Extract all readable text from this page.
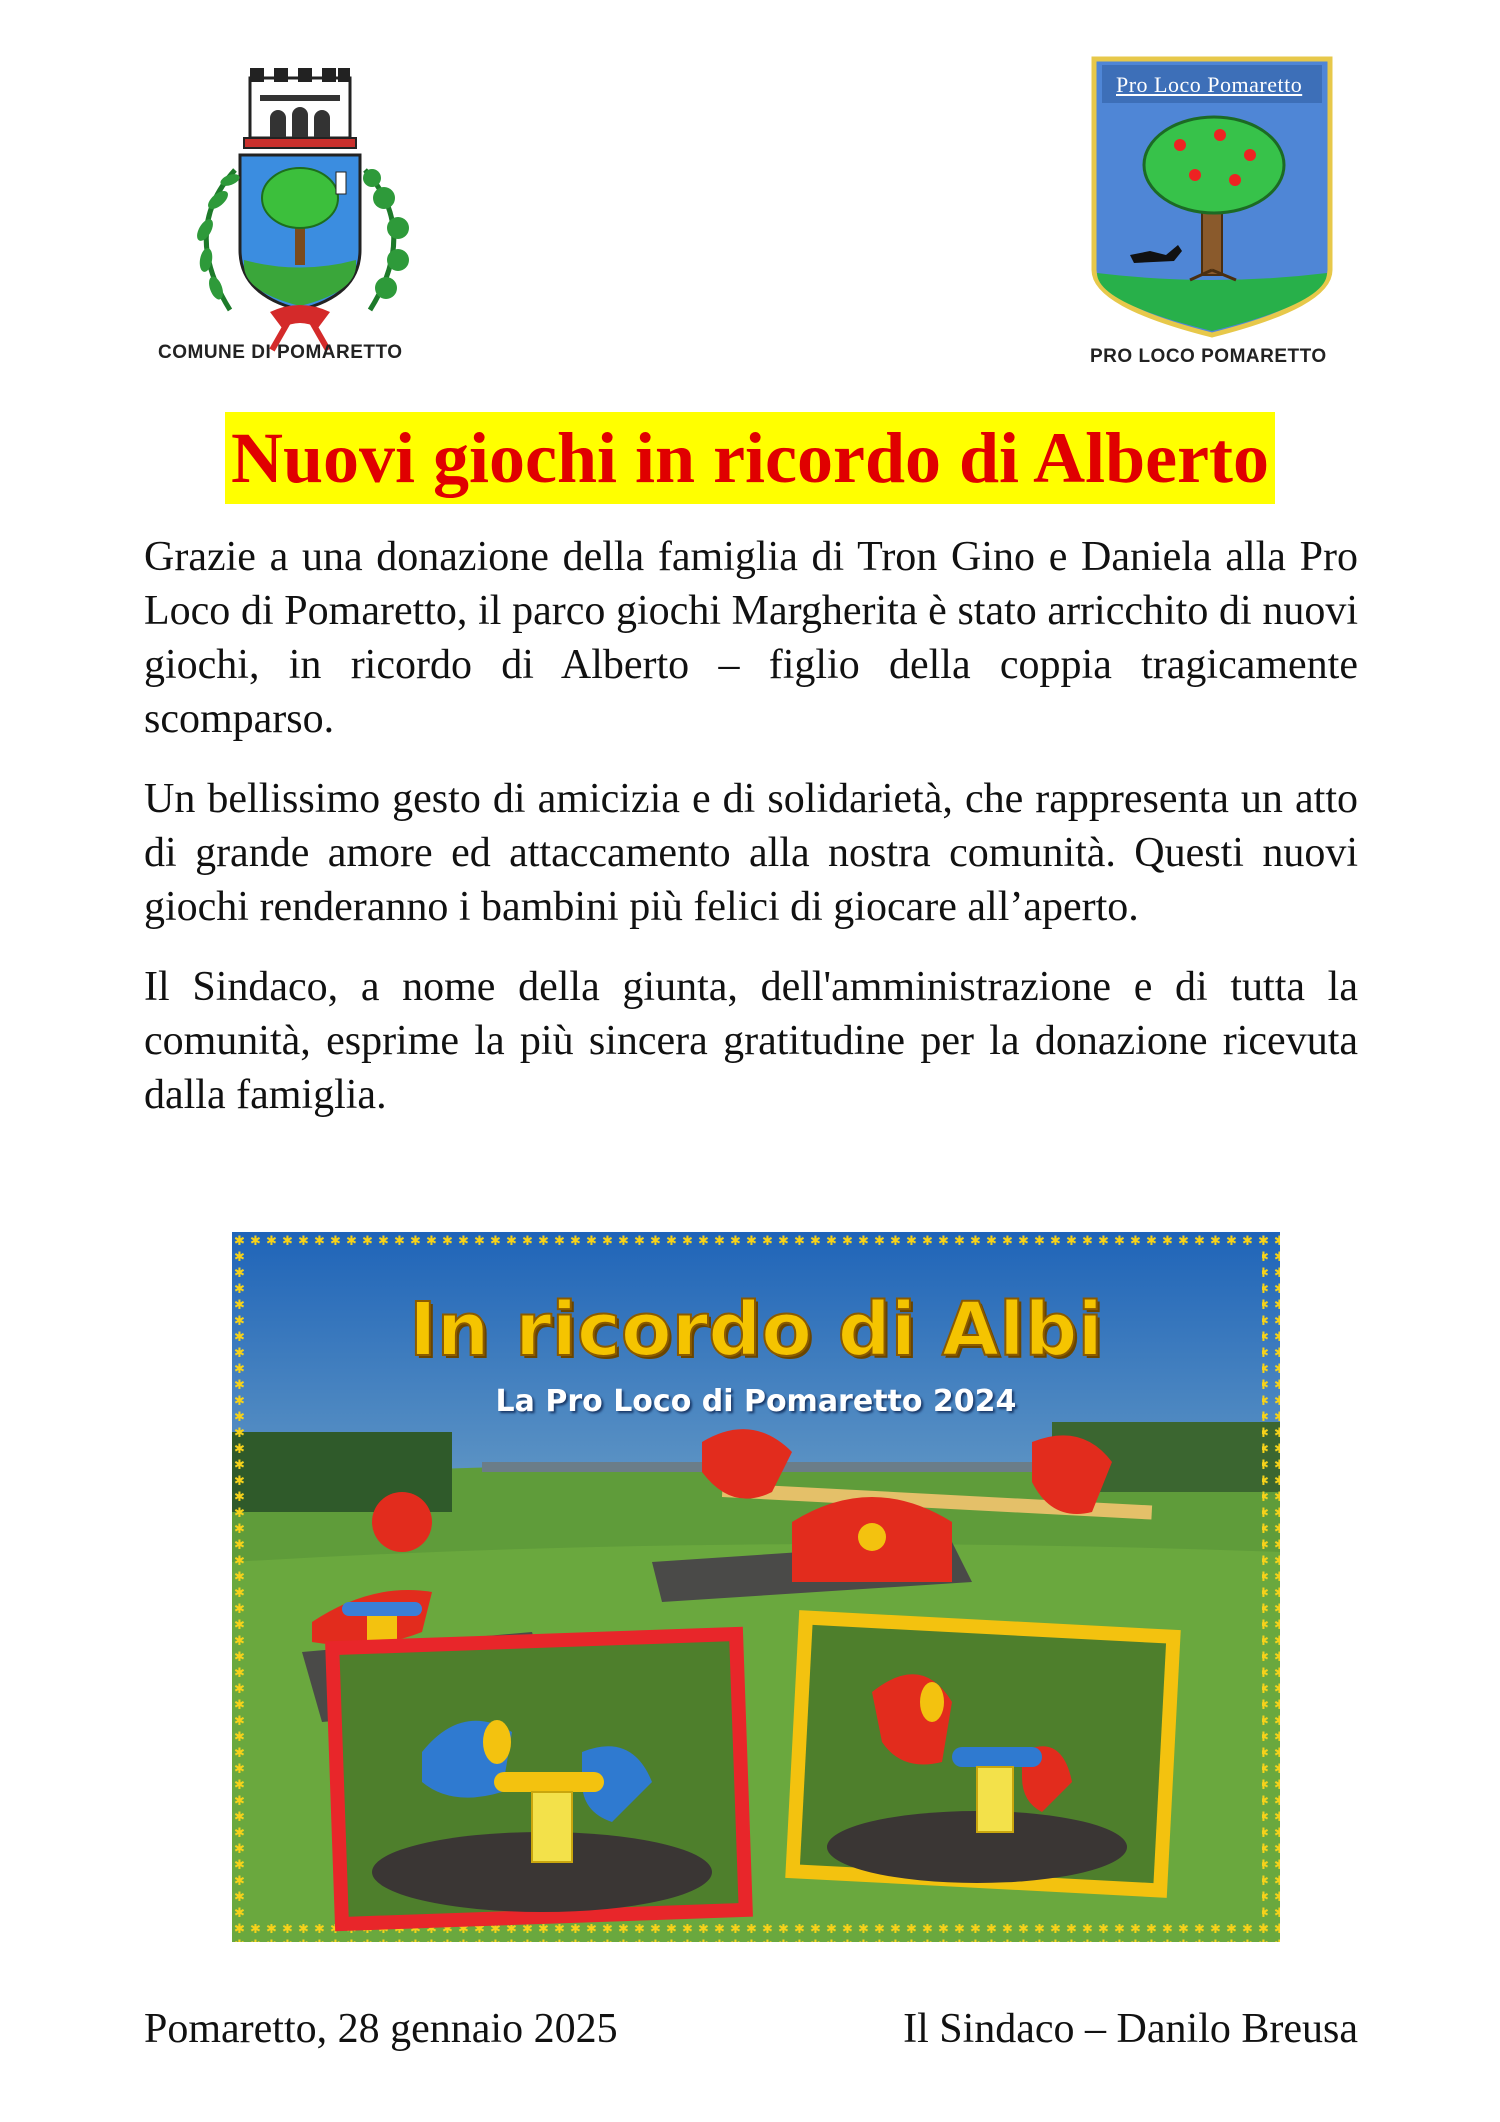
COMUNE DI POMARETTO
Pro Loco Pomaretto
PRO LOCO POMARETTO
Nuovi giochi in ricordo di Alberto

Grazie a una donazione della famiglia di Tron Gino e Daniela alla Pro Loco di Pomaretto, il parco giochi Margherita è stato arricchito di nuovi giochi, in ricordo di Alberto – figlio della coppia tragicamente scomparso.

Un bellissimo gesto di amicizia e di solidarietà, che rappresenta un atto di grande amore ed attaccamento alla nostra comunità. Questi nuovi giochi renderanno i bambini più felici di giocare all’aperto.

Il Sindaco, a nome della giunta, dell'amministrazione e di tutta la comunità, esprime la più sincera gratitudine per la donazione ricevuta dalla famiglia.

In ricordo di Albi
La Pro Loco di Pomaretto 2024
Pomaretto, 28 gennaio 2025	Il Sindaco – Danilo Breusa
